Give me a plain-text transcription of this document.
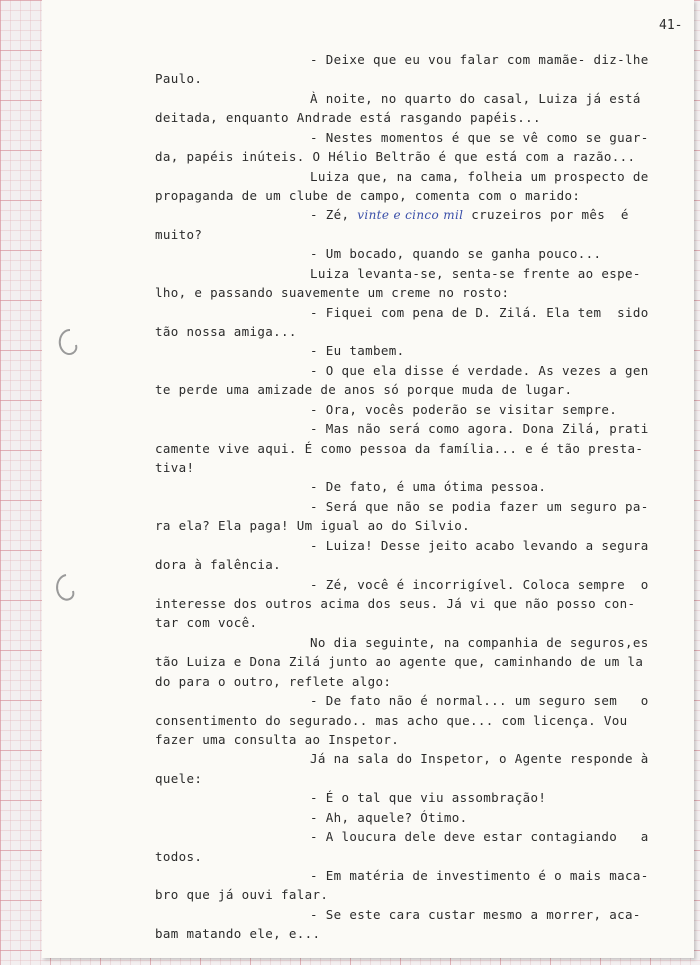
41-
- Deixe que eu vou falar com mamãe- diz-lhe
Paulo.
À noite, no quarto do casal, Luiza já está
deitada, enquanto Andrade está rasgando papéis...
- Nestes momentos é que se vê como se guar-
da, papéis inúteis. O Hélio Beltrão é que está com a razão...
Luiza que, na cama, folheia um prospecto de
propaganda de um clube de campo, comenta com o marido:
- Zé, vinte e cinco mil cruzeiros por mês  é
muito?
- Um bocado, quando se ganha pouco...
Luiza levanta-se, senta-se frente ao espe-
lho, e passando suavemente um creme no rosto:
- Fiquei com pena de D. Zilá. Ela tem  sido
tão nossa amiga...
- Eu tambem.
- O que ela disse é verdade. As vezes a gen
te perde uma amizade de anos só porque muda de lugar.
- Ora, vocês poderão se visitar sempre.
- Mas não será como agora. Dona Zilá, prati
camente vive aqui. É como pessoa da família... e é tão presta-
tiva!
- De fato, é uma ótima pessoa.
- Será que não se podia fazer um seguro pa-
ra ela? Ela paga! Um igual ao do Silvio.
- Luiza! Desse jeito acabo levando a segura
dora à falência.
- Zé, você é incorrigível. Coloca sempre  o
interesse dos outros acima dos seus. Já vi que não posso con-
tar com você.
No dia seguinte, na companhia de seguros,es
tão Luiza e Dona Zilá junto ao agente que, caminhando de um la
do para o outro, reflete algo:
- De fato não é normal... um seguro sem   o
consentimento do segurado.. mas acho que... com licença. Vou
fazer uma consulta ao Inspetor.
Já na sala do Inspetor, o Agente responde à
quele:
- É o tal que viu assombração!
- Ah, aquele? Ótimo.
- A loucura dele deve estar contagiando   a
todos.
- Em matéria de investimento é o mais maca-
bro que já ouvi falar.
- Se este cara custar mesmo a morrer, aca-
bam matando ele, e...
